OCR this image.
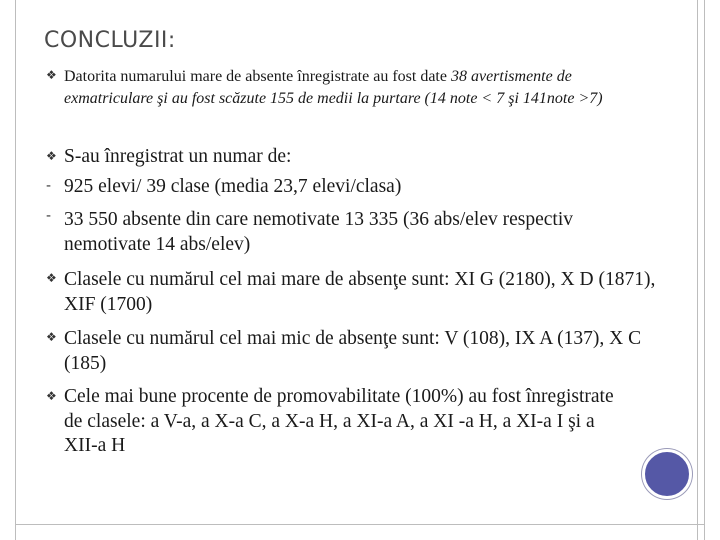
CONCLUZII:
❖ Datorita numarului mare de absente înregistrate au fost date 38 avertismente de exmatriculare şi au fost scăzute 155 de medii la purtare (14 note < 7 şi 141note >7)
❖ S-au înregistrat un numar de:
- 925 elevi/ 39 clase (media 23,7 elevi/clasa)
- 33 550 absente din care nemotivate 13 335 (36 abs/elev respectiv nemotivate 14 abs/elev)
❖ Clasele cu numărul cel mai mare de absenţe sunt: XI G (2180), X D (1871), XIF (1700)
❖ Clasele cu numărul cel mai mic de absenţe sunt: V (108), IX A (137), X C (185)
❖ Cele mai bune procente de promovabilitate (100%) au fost înregistrate de clasele: a V-a, a X-a C, a X-a H, a XI-a A, a XI -a H, a XI-a I şi a XII-a H
